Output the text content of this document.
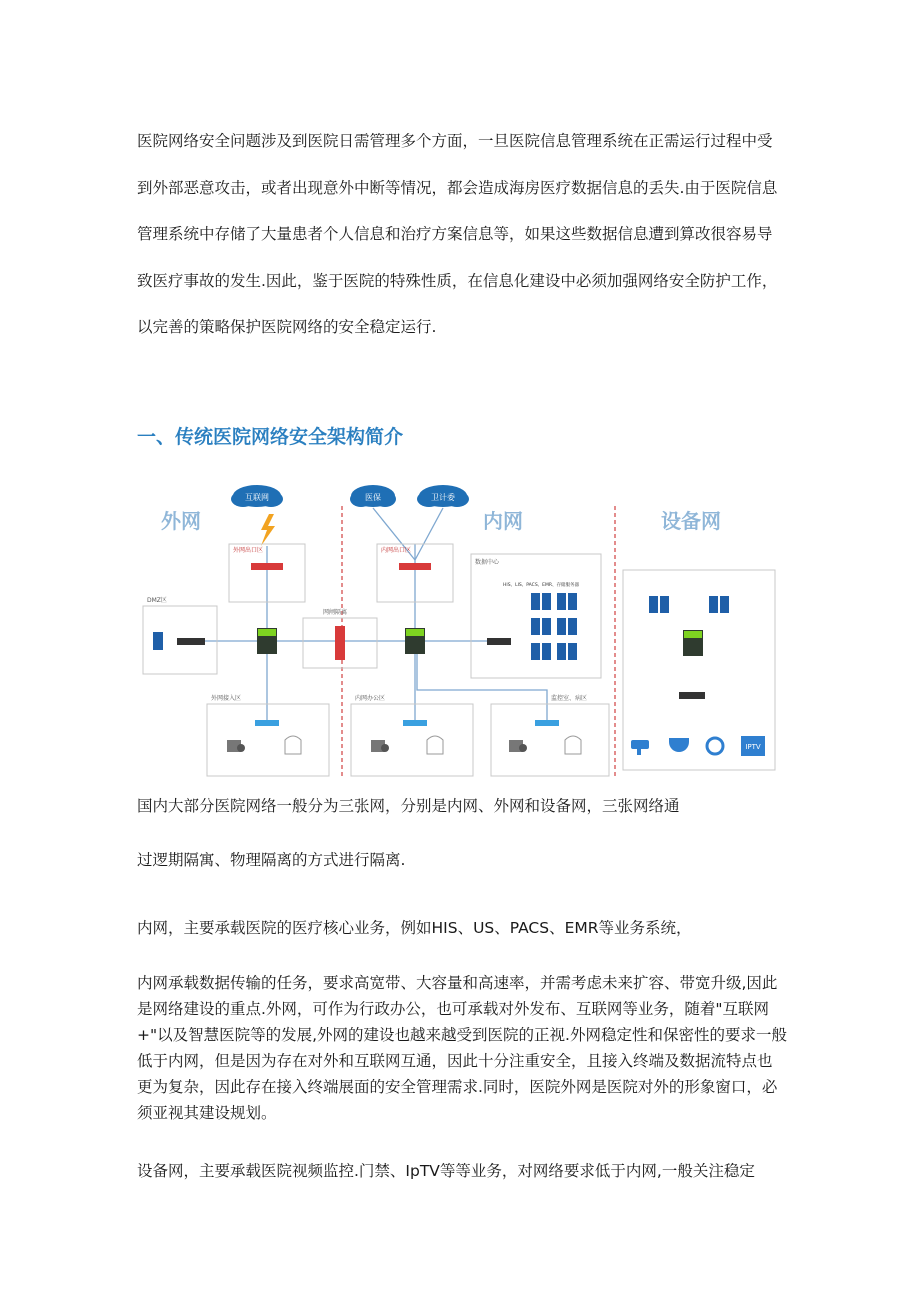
医院网络安全问题涉及到医院日需管理多个方面，一旦医院信息管理系统在正需运行过程中受到外部恶意攻击，或者出现意外中断等情况，都会造成海房医疗数据信息的丢失.由于医院信息管理系统中存储了大量患者个人信息和治疗方案信息等，如果这些数据信息遭到算改很容易导致医疗事故的发生.因此，鉴于医院的特殊性质，在信息化建设中必须加强网络安全防护工作，以完善的策略保护医院网络的安全稳定运行.

一、传统医院网络安全架构简介
外网	内网	设备网
互联网	医保	卫计委
外网出口区	内网出口区
DMZ区
网闸隔离
数据中心
HIS、LIS、PACS、EMR、存储服务器
外网接入区	内网办公区	监控室、病区
IPTV

国内大部分医院网络一般分为三张网，分别是内网、外网和设备网，三张网络通

过逻期隔寓、物理隔离的方式进行隔离.

内网，主要承载医院的医疗核心业务，例如HIS、US、PACS、EMR等业务系统，

内网承载数据传输的任务，要求高宽带、大容量和高速率，并需考虑未来扩容、带宽升级,因此是网络建设的重点.外网，可作为行政办公，也可承载对外发布、互联网等业务，随着"互联网+"以及智慧医院等的发展,外网的建设也越来越受到医院的正视.外网稳定性和保密性的要求一般低于内网，但是因为存在对外和互联网互通，因此十分注重安全，且接入终端及数据流特点也更为复杂，因此存在接入终端展面的安全管理需求.同时，医院外网是医院对外的形象窗口，必须亚视其建设规划。

设备网，主要承载医院视频监控.门禁、IpTV等等业务，对网络要求低于内网,一般关注稳定
